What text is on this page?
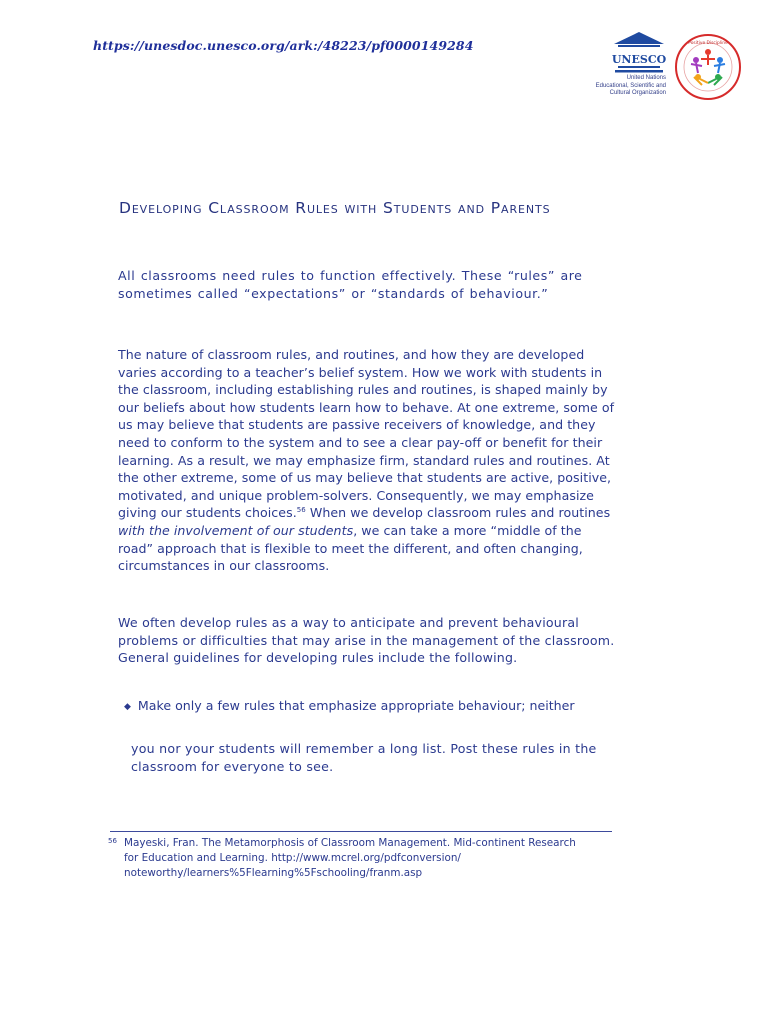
https://unesdoc.unesco.org/ark:/48223/pf0000149284
UNESCO
United Nations
Educational, Scientific and
Cultural Organization
Positive Discipline
Developing Classroom Rules with Students and Parents

All classrooms need rules to function effectively. These “rules” are sometimes called “expectations” or “standards of behaviour.”

The nature of classroom rules, and routines, and how they are developed varies according to a teacher’s belief system. How we work with students in the classroom, including establishing rules and routines, is shaped mainly by our beliefs about how students learn how to behave. At one extreme, some of us may believe that students are passive receivers of knowledge, and they need to conform to the system and to see a clear pay-off or benefit for their learning. As a result, we may emphasize firm, standard rules and routines. At the other extreme, some of us may believe that students are active, positive, motivated, and unique problem-solvers. Consequently, we may emphasize giving our students choices.$^{56}$ When we develop classroom rules and routines with the involvement of our students, we can take a more “middle of the road” approach that is flexible to meet the different, and often changing, circumstances in our classrooms.

We often develop rules as a way to anticipate and prevent behavioural problems or difficulties that may arise in the management of the classroom. General guidelines for developing rules include the following.

◆ Make only a few rules that emphasize appropriate behaviour; neither

you nor your students will remember a long list. Post these rules in the classroom for everyone to see.

56 Mayeski, Fran. The Metamorphosis of Classroom Management. Mid-continent Research for Education and Learning. http://www.mcrel.org/pdfconversion/ noteworthy/learners%5Flearning%5Fschooling/franm.asp
